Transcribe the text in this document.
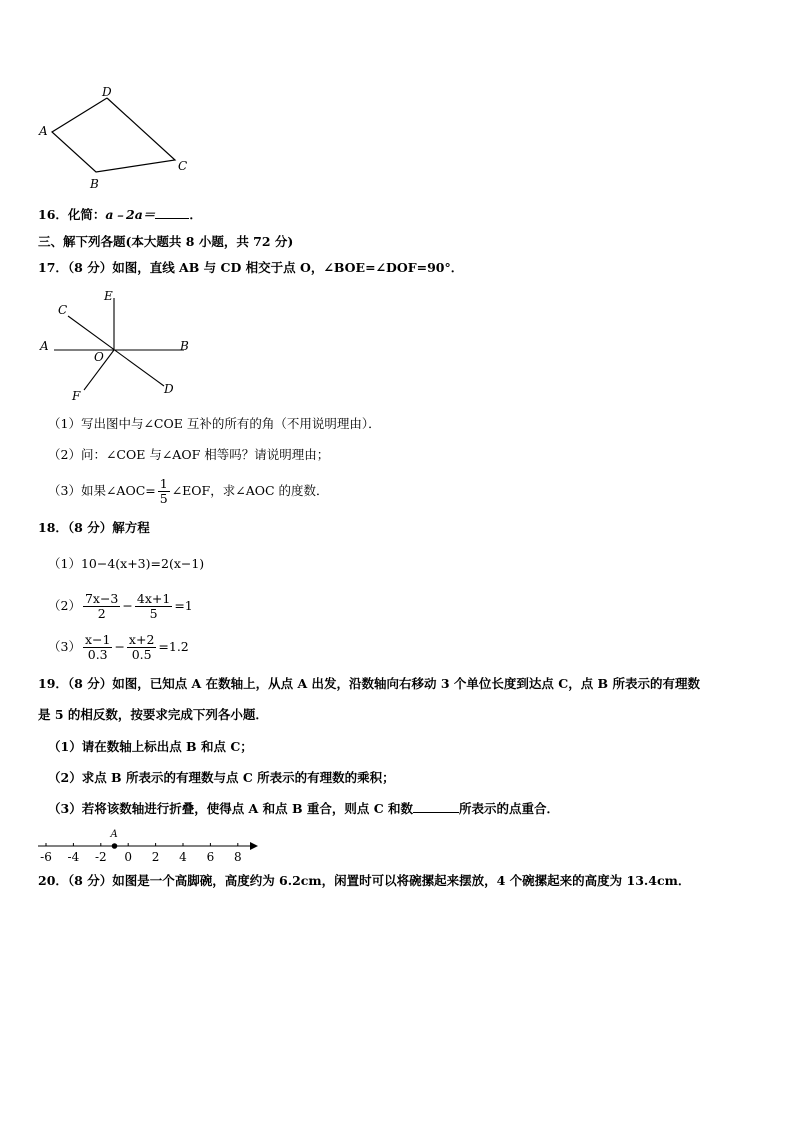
D
A
B
C
16．化简：a﹣2a＝	．
三、解下列各题(本大题共 8 小题，共 72 分)
17．（8 分）如图，直线 AB 与 CD 相交于点 O，∠BOE=∠DOF=90°．
C
E
A	B
O
F	D
（1）写出图中与∠COE 互补的所有的角（不用说明理由）．
（2）问：∠COE 与∠AOF 相等吗？请说明理由；
（3）如果∠AOC= $\frac{1}{5}$ ∠EOF，求∠AOC 的度数．
18．（8 分）解方程
（1）10−4(x+3)=2(x−1)
$(2) \frac{7x-3}{2} - \frac{4x+1}{5} =1$
$(3) \frac{x-1}{0.3} - \frac{x+2}{0.5} =1.2$
19．（8 分）如图，已知点 A 在数轴上，从点 A 出发，沿数轴向右移动 3 个单位长度到达点 C，点 B 所表示的有理数
是 5 的相反数，按要求完成下列各小题．
（1）请在数轴上标出点 B 和点 C；
（2）求点 B 所表示的有理数与点 C 所表示的有理数的乘积；
（3）若将该数轴进行折叠，使得点 A 和点 B 重合，则点 C 和数	所表示的点重合．
-6 -4 -2 0 2 4 6 8
A
20．（8 分）如图是一个高脚碗，高度约为 6.2cm，闲置时可以将碗摞起来摆放，4 个碗摞起来的高度为 13.4cm．
